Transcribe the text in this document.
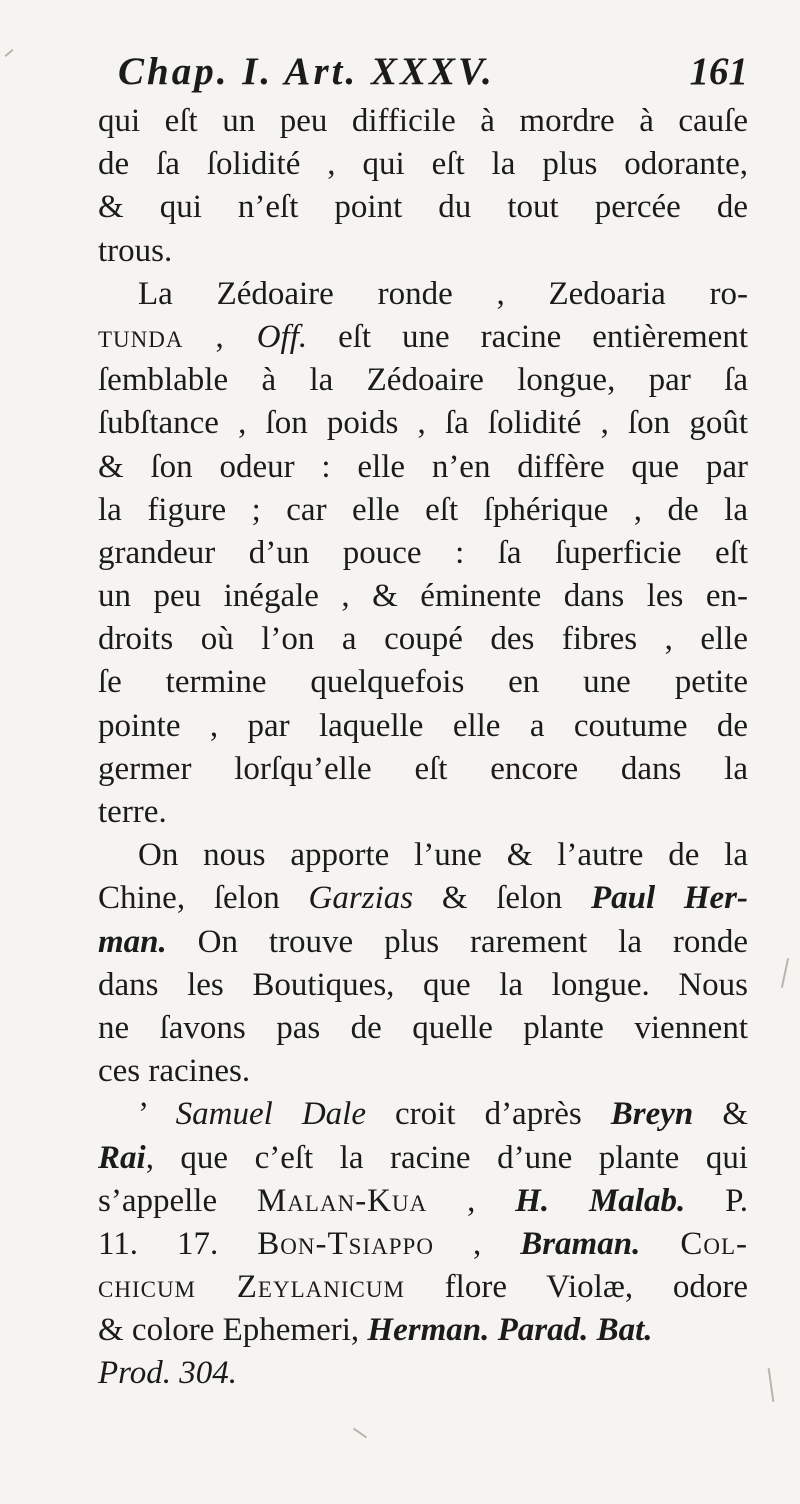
Chap. I. Art. XXXV.	161
qui eſt un peu difficile à mordre à cauſe
de ſa ſolidité , qui eſt la plus odorante,
& qui n’eſt point du tout percée de
trous.
La Zédoaire ronde , Zedoaria ro-
tunda , Off. eſt une racine entièrement
ſemblable à la Zédoaire longue, par ſa
ſubſtance , ſon poids , ſa ſolidité , ſon goût
& ſon odeur : elle n’en diffère que par
la figure ; car elle eſt ſphérique , de la
grandeur d’un pouce : ſa ſuperficie eſt
un peu inégale , & éminente dans les en-
droits où l’on a coupé des fibres , elle
ſe termine quelquefois en une petite
pointe , par laquelle elle a coutume de
germer lorſqu’elle eſt encore dans la
terre.
On nous apporte l’une & l’autre de la
Chine, ſelon Garzias & ſelon Paul Her-
man. On trouve plus rarement la ronde
dans les Boutiques, que la longue. Nous
ne ſavons pas de quelle plante viennent
ces racines.
’ Samuel Dale croit d’après Breyn &
Rai, que c’eſt la racine d’une plante qui
s’appelle Malan-Kua , H. Malab. P.
11. 17. Bon-Tsiappo , Braman. Col-
chicum Zeylanicum flore Violæ, odore
& colore Ephemeri, Herman. Parad. Bat.
Prod. 304.
